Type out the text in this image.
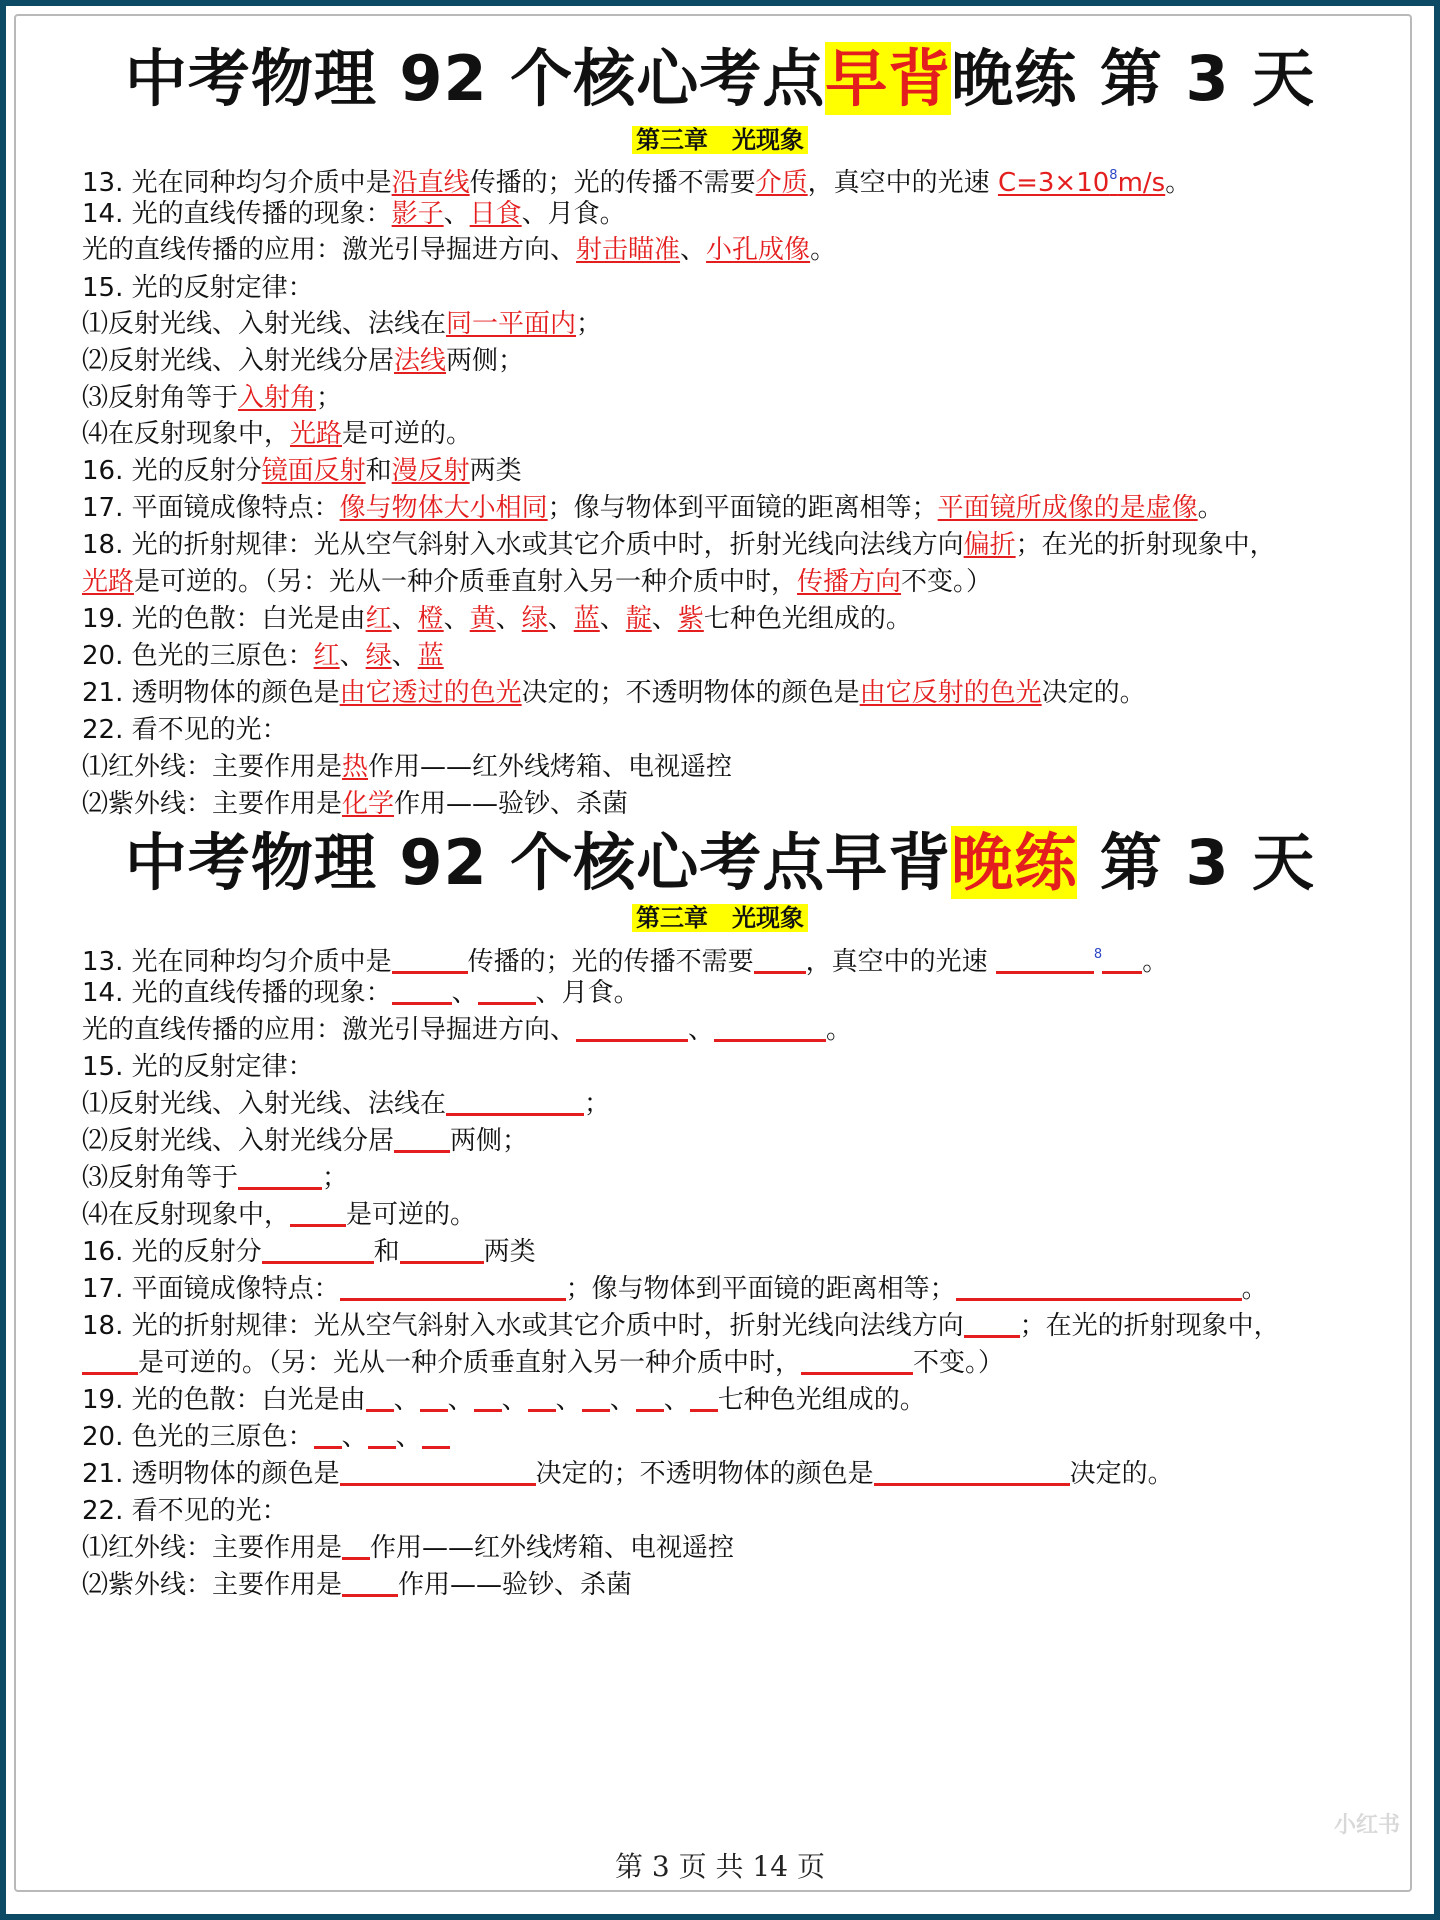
中考物理 92 个核心考点早背晚练 第 3 天
第三章　光现象
13. 光在同种均匀介质中是沿直线传播的；光的传播不需要介质，真空中的光速 $C=3\times 10^8m/s$。
14. 光的直线传播的现象：影子、日食、月食。
光的直线传播的应用：激光引导掘进方向、射击瞄准、小孔成像。
15. 光的反射定律：
⑴反射光线、入射光线、法线在同一平面内；
⑵反射光线、入射光线分居法线两侧；
⑶反射角等于入射角；
⑷在反射现象中，光路是可逆的。
16. 光的反射分镜面反射和漫反射两类
17. 平面镜成像特点：像与物体大小相同；像与物体到平面镜的距离相等；平面镜所成像的是虚像。
18. 光的折射规律：光从空气斜射入水或其它介质中时，折射光线向法线方向偏折；在光的折射现象中，
光路是可逆的。（另：光从一种介质垂直射入另一种介质中时，传播方向不变。）
19. 光的色散：白光是由红、橙、黄、绿、蓝、靛、紫七种色光组成的。
20. 色光的三原色：红、绿、蓝
21. 透明物体的颜色是由它透过的色光决定的；不透明物体的颜色是由它反射的色光决定的。
22. 看不见的光：
⑴红外线：主要作用是热作用——红外线烤箱、电视遥控
⑵紫外线：主要作用是化学作用——验钞、杀菌
中考物理 92 个核心考点早背晚练 第 3 天
第三章　光现象
13. 光在同种均匀介质中是	传播的；光的传播不需要 ，真空中的光速	$^8$ 。
14. 光的直线传播的现象： 、 、月食。
光的直线传播的应用：激光引导掘进方向、	、	。
15. 光的反射定律：
⑴反射光线、入射光线、法线在	；
⑵反射光线、入射光线分居 两侧；
⑶反射角等于	；
⑷在反射现象中， 是可逆的。
16. 光的反射分	和	两类
17. 平面镜成像特点：	；像与物体到平面镜的距离相等；	。
18. 光的折射规律：光从空气斜射入水或其它介质中时，折射光线向法线方向 ；在光的折射现象中，
是可逆的。（另：光从一种介质垂直射入另一种介质中时，	不变。）
19. 光的色散：白光是由 、 、 、 、 、 、 七种色光组成的。
20. 色光的三原色： 、 、
21. 透明物体的颜色是	决定的；不透明物体的颜色是	决定的。
22. 看不见的光：
⑴红外线：主要作用是 作用——红外线烤箱、电视遥控
⑵紫外线：主要作用是 作用——验钞、杀菌
小红书
第 3 页 共 14 页
